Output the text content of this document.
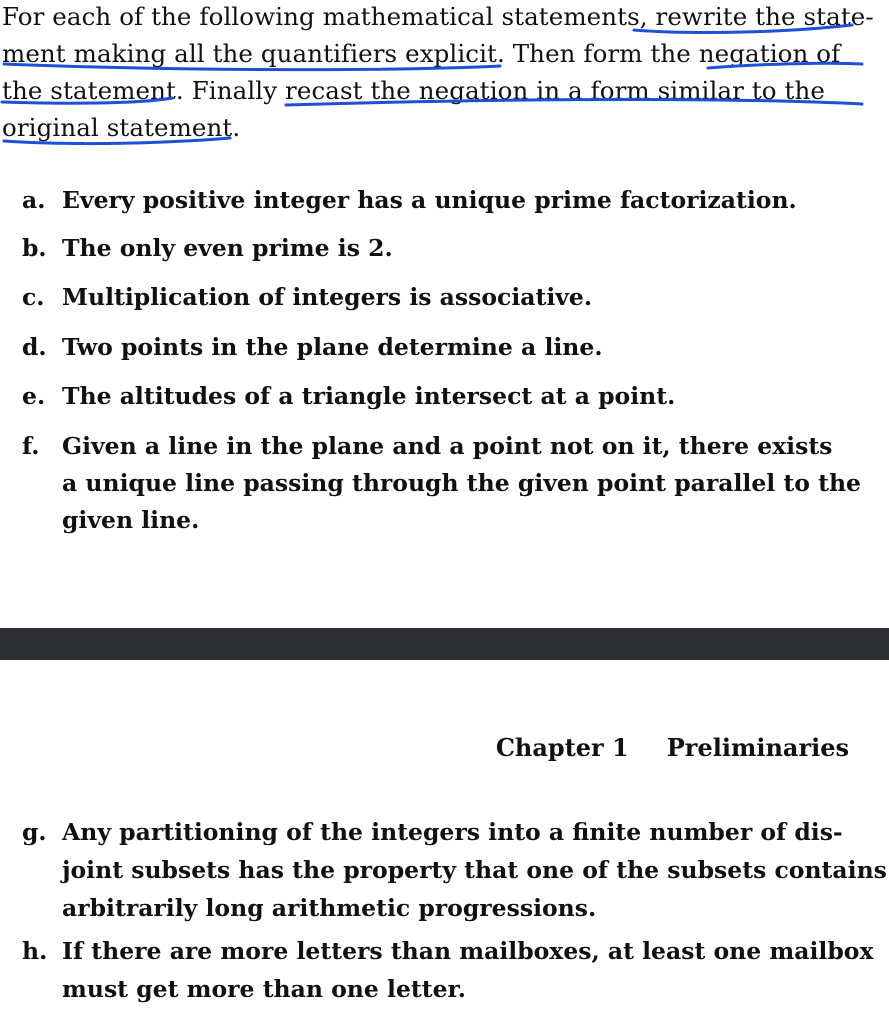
For each of the following mathematical statements, rewrite the state-
ment making all the quantifiers explicit. Then form the negation of
the statement. Finally recast the negation in a form similar to the
original statement.
a. Every positive integer has a unique prime factorization.
b. The only even prime is 2.
c. Multiplication of integers is associative.
d. Two points in the plane determine a line.
e. The altitudes of a triangle intersect at a point.
f. Given a line in the plane and a point not on it, there exists
a unique line passing through the given point parallel to the
given line.
Chapter 1 Preliminaries
g. Any partitioning of the integers into a finite number of dis-
joint subsets has the property that one of the subsets contains
arbitrarily long arithmetic progressions.
h. If there are more letters than mailboxes, at least one mailbox
must get more than one letter.
